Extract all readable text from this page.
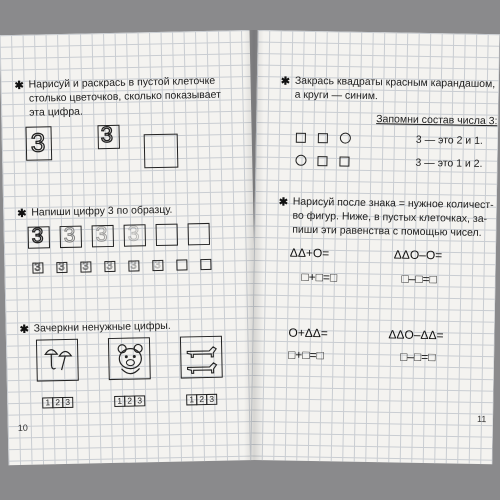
✱ Нарисуй и раскрась в пустой клеточке
столько цветочков, сколько показывает
эта цифра.
3 3
✱ Напиши цифру 3 по образцу.
3 3 3 3
3 3 3 3 3 3
✱ Зачеркни ненужные цифры.
1 2 3	1 2 3	1 2 3
10
✱ Закрась квадраты красным карандашом,
а круги — синим.
Запомни состав числа 3:
3 — это 2 и 1.
3 — это 1 и 2.
✱ Нарисуй после знака = нужное количест-
во фигур. Ниже, в пустых клеточках, за-
пиши эти равенства с помощью чисел.
ΔΔ+O=
□+□=□
ΔΔO–O=
□–□=□
O+ΔΔ=
□+□=□
ΔΔO–ΔΔ=
□–□=□
11
